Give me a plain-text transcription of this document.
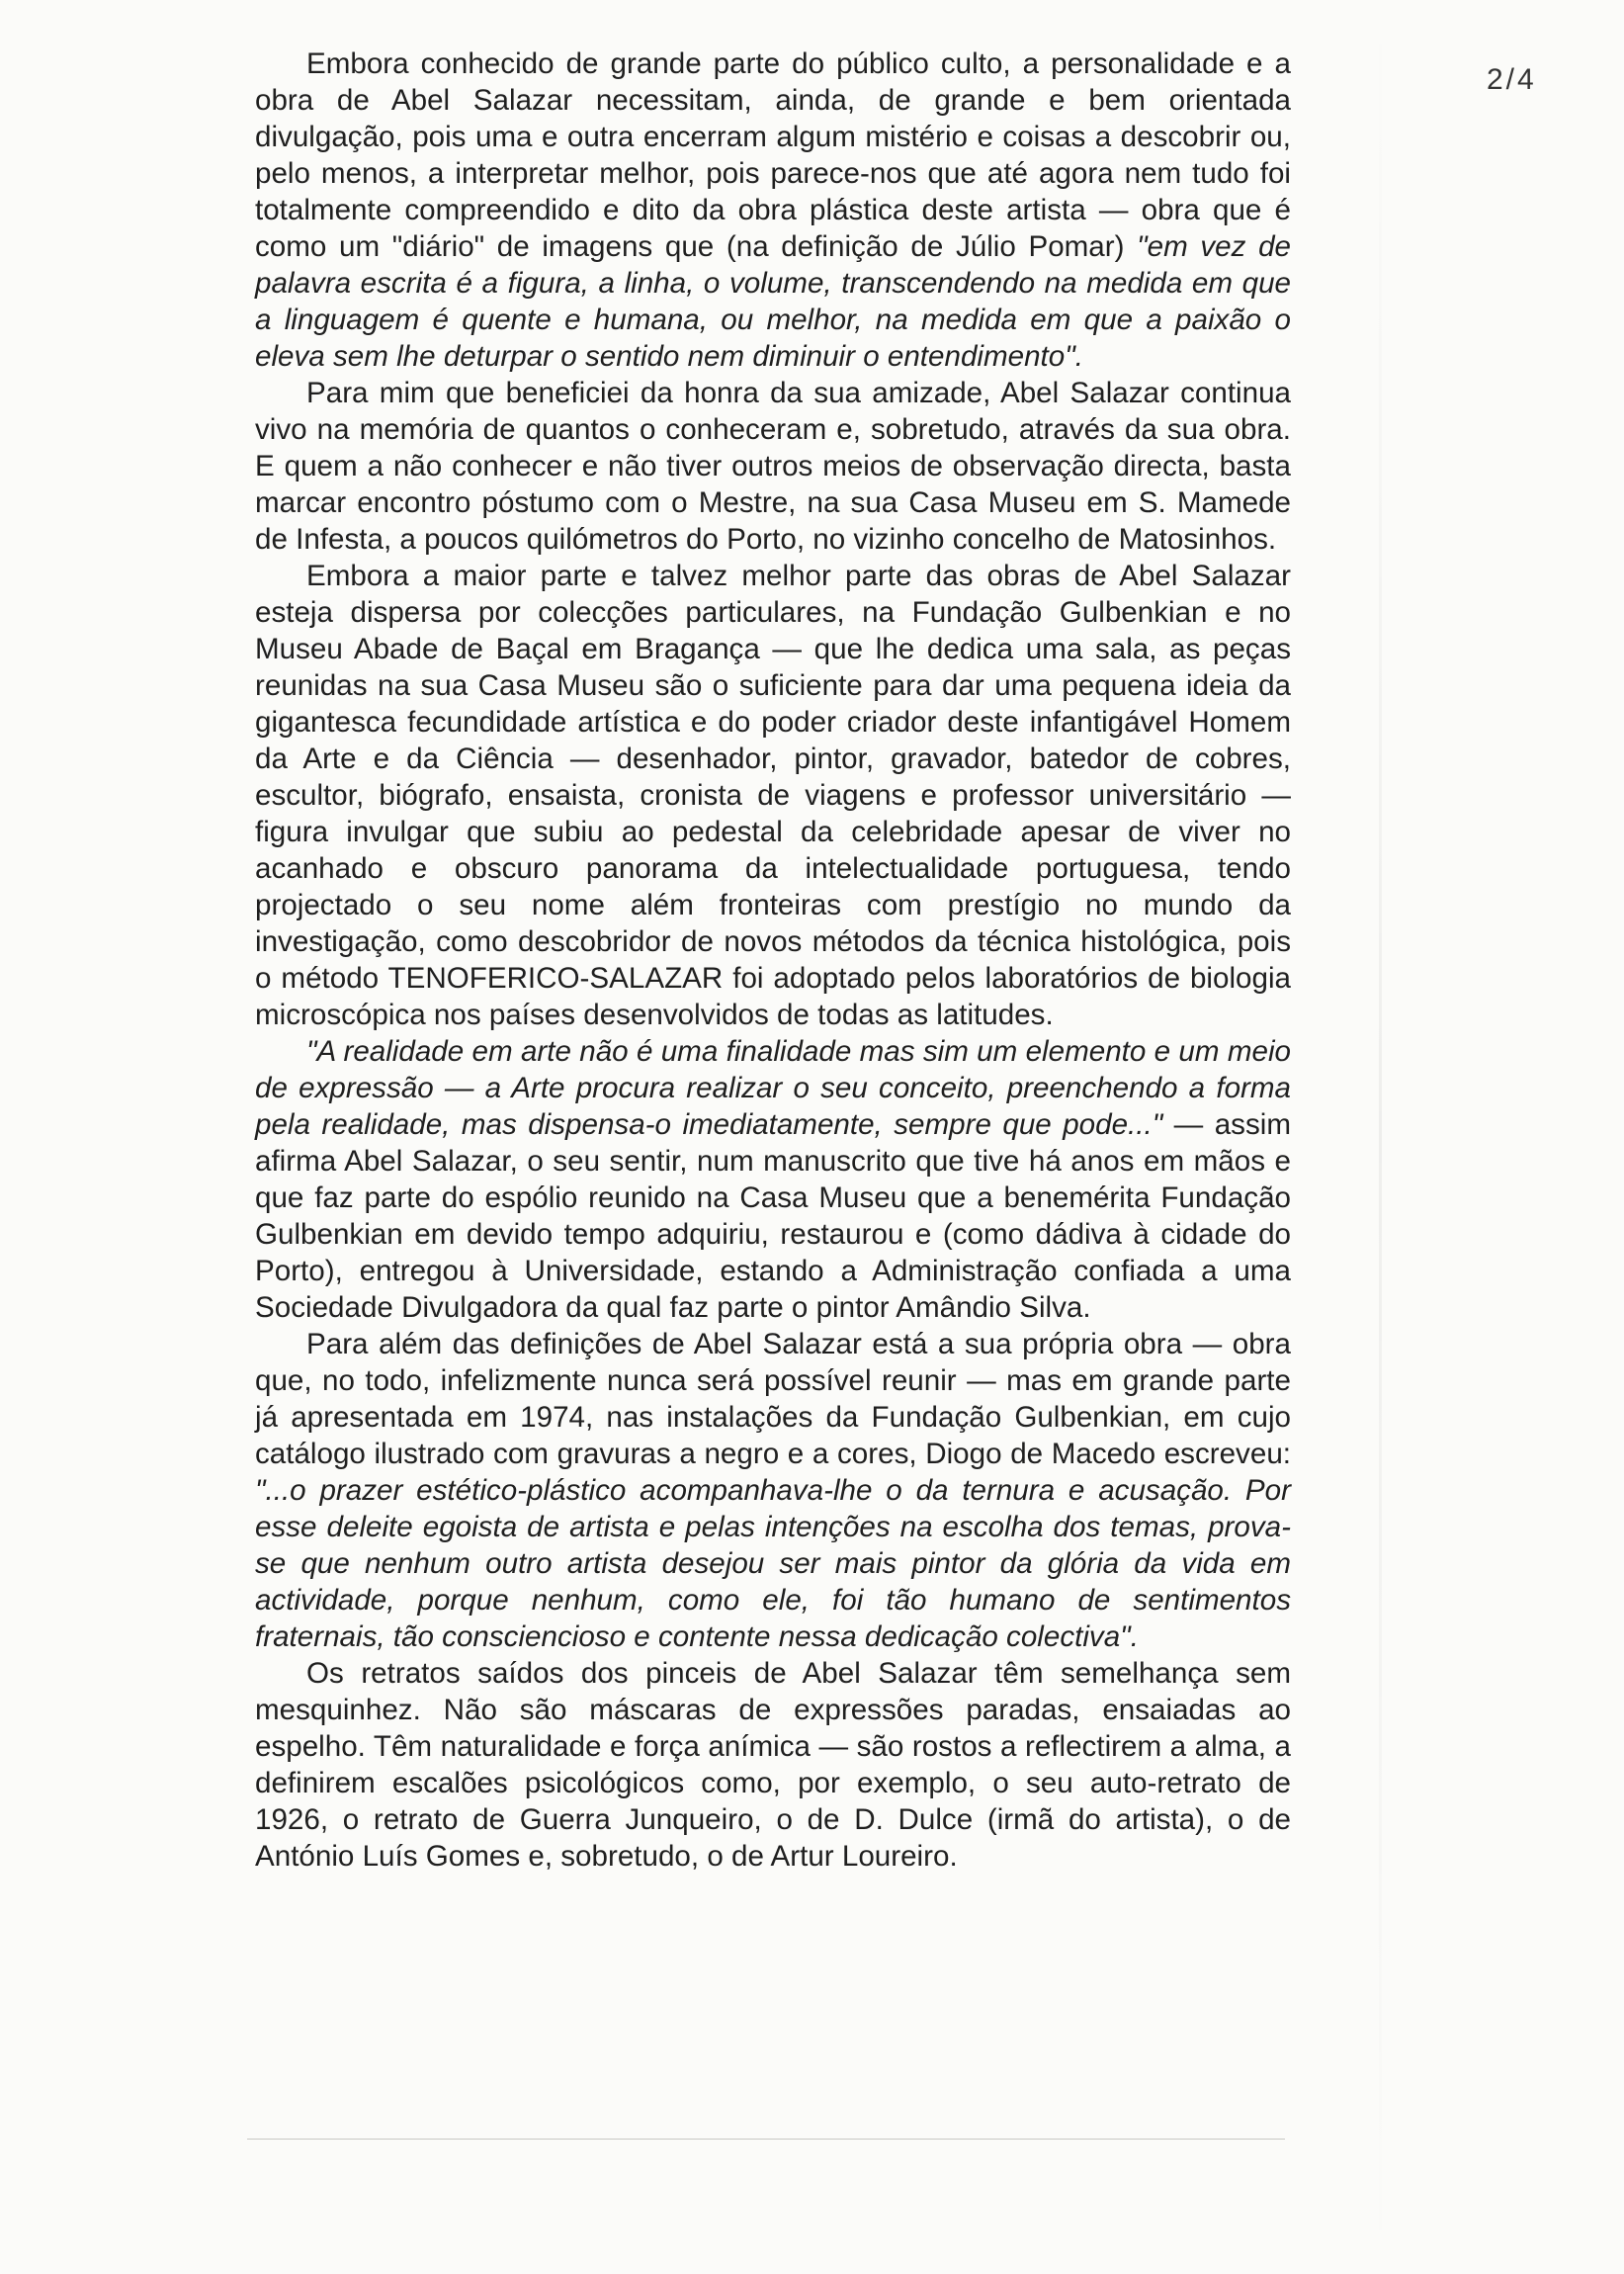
2/4

Embora conhecido de grande parte do público culto, a personalidade e a obra de Abel Salazar necessitam, ainda, de grande e bem orientada divulgação, pois uma e outra encerram algum mistério e coisas a descobrir ou, pelo menos, a interpretar melhor, pois parece-nos que até agora nem tudo foi totalmente compreendido e dito da obra plástica deste artista — obra que é como um "diário" de imagens que (na definição de Júlio Pomar) "em vez de palavra escrita é a figura, a linha, o volume, transcendendo na medida em que a linguagem é quente e humana, ou melhor, na medida em que a paixão o eleva sem lhe deturpar o sentido nem diminuir o entendimento".

Para mim que beneficiei da honra da sua amizade, Abel Salazar continua vivo na memória de quantos o conheceram e, sobretudo, através da sua obra. E quem a não conhecer e não tiver outros meios de observação directa, basta marcar encontro póstumo com o Mestre, na sua Casa Museu em S. Mamede de Infesta, a poucos quilómetros do Porto, no vizinho concelho de Matosinhos.

Embora a maior parte e talvez melhor parte das obras de Abel Salazar esteja dispersa por colecções particulares, na Fundação Gulbenkian e no Museu Abade de Baçal em Bragança — que lhe dedica uma sala, as peças reunidas na sua Casa Museu são o suficiente para dar uma pequena ideia da gigantesca fecundidade artística e do poder criador deste infantigável Homem da Arte e da Ciência — desenhador, pintor, gravador, batedor de cobres, escultor, biógrafo, ensaista, cronista de viagens e professor universitário — figura invulgar que subiu ao pedestal da celebridade apesar de viver no acanhado e obscuro panorama da intelectualidade portuguesa, tendo projectado o seu nome além fronteiras com prestígio no mundo da investigação, como descobridor de novos métodos da técnica histológica, pois o método TENOFERICO-SALAZAR foi adoptado pelos laboratórios de biologia microscópica nos países desenvolvidos de todas as latitudes.

"A realidade em arte não é uma finalidade mas sim um elemento e um meio de expressão — a Arte procura realizar o seu conceito, preenchendo a forma pela realidade, mas dispensa-o imediatamente, sempre que pode..." — assim afirma Abel Salazar, o seu sentir, num manuscrito que tive há anos em mãos e que faz parte do espólio reunido na Casa Museu que a benemérita Fundação Gulbenkian em devido tempo adquiriu, restaurou e (como dádiva à cidade do Porto), entregou à Universidade, estando a Administração confiada a uma Sociedade Divulgadora da qual faz parte o pintor Amândio Silva.

Para além das definições de Abel Salazar está a sua própria obra — obra que, no todo, infelizmente nunca será possível reunir — mas em grande parte já apresentada em 1974, nas instalações da Fundação Gulbenkian, em cujo catálogo ilustrado com gravuras a negro e a cores, Diogo de Macedo escreveu: "...o prazer estético-plástico acompanhava-lhe o da ternura e acusação. Por esse deleite egoista de artista e pelas intenções na escolha dos temas, prova-se que nenhum outro artista desejou ser mais pintor da glória da vida em actividade, porque nenhum, como ele, foi tão humano de sentimentos fraternais, tão consciencioso e contente nessa dedicação colectiva".

Os retratos saídos dos pinceis de Abel Salazar têm semelhança sem mesquinhez. Não são máscaras de expressões paradas, ensaiadas ao espelho. Têm naturalidade e força anímica — são rostos a reflectirem a alma, a definirem escalões psicológicos como, por exemplo, o seu auto-retrato de 1926, o retrato de Guerra Junqueiro, o de D. Dulce (irmã do artista), o de António Luís Gomes e, sobretudo, o de Artur Loureiro.
